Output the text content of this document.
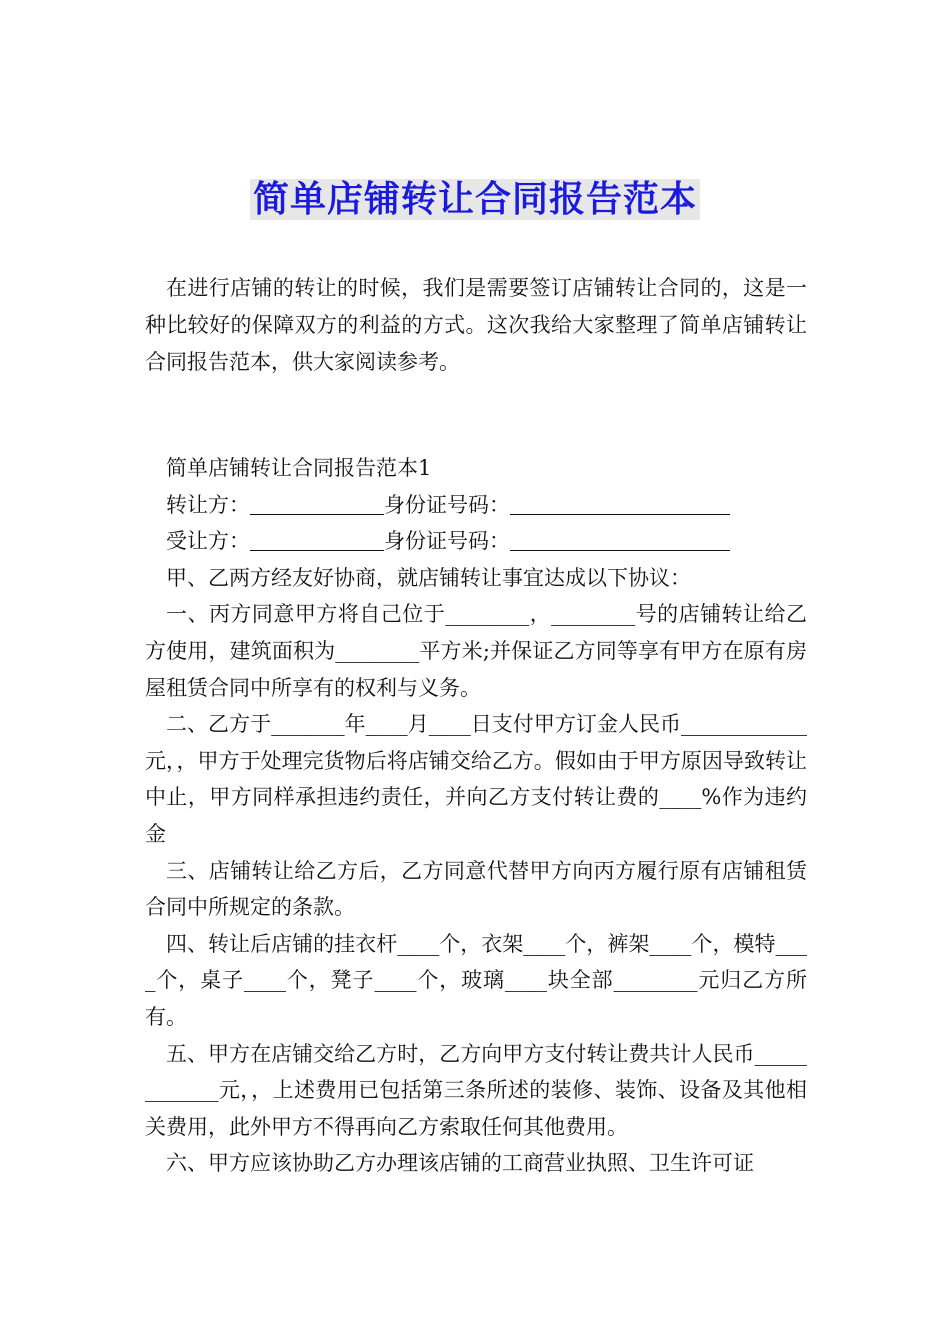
简单店铺转让合同报告范本

在进行店铺的转让的时候，我们是需要签订店铺转让合同的，这是一种比较好的保障双方的利益的方式。这次我给大家整理了简单店铺转让合同报告范本，供大家阅读参考。

简单店铺转让合同报告范本1

转让方：	身份证号码：

受让方：	身份证号码：

甲、乙两方经友好协商，就店铺转让事宜达成以下协议：

一、丙方同意甲方将自己位于________，________号的店铺转让给乙方使用，建筑面积为________平方米;并保证乙方同等享有甲方在原有房屋租赁合同中所享有的权利与义务。

二、乙方于_______年____月____日支付甲方订金人民币____________元，，甲方于处理完货物后将店铺交给乙方。假如由于甲方原因导致转让中止，甲方同样承担违约责任，并向乙方支付转让费的____%作为违约金

三、店铺转让给乙方后，乙方同意代替甲方向丙方履行原有店铺租赁合同中所规定的条款。

四、转让后店铺的挂衣杆____个，衣架____个，裤架____个，模特____个，桌子____个，凳子____个，玻璃____块全部________元归乙方所有。

五、甲方在店铺交给乙方时，乙方向甲方支付转让费共计人民币____________元，，上述费用已包括第三条所述的装修、装饰、设备及其他相关费用，此外甲方不得再向乙方索取任何其他费用。

六、甲方应该协助乙方办理该店铺的工商营业执照、卫生许可证
